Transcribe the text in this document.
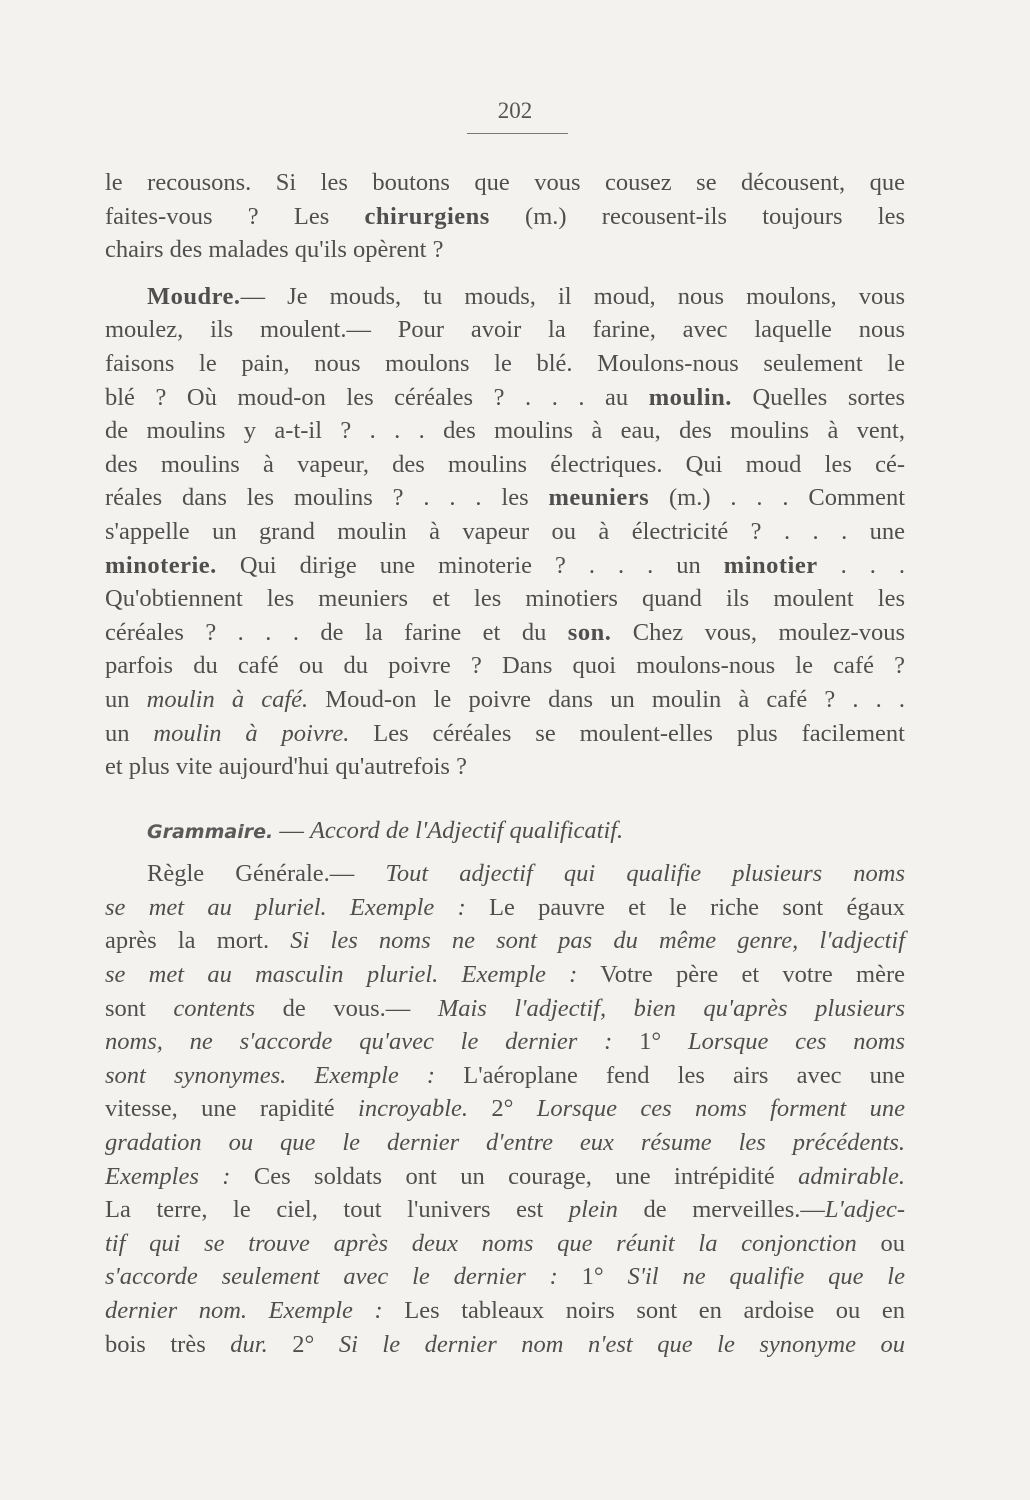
202
le recousons. Si les boutons que vous cousez se décousent, que
faites-vous ? Les chirurgiens (m.) recousent-ils toujours les
chairs des malades qu'ils opèrent ?
Moudre.— Je mouds, tu mouds, il moud, nous moulons, vous
moulez, ils moulent.— Pour avoir la farine, avec laquelle nous
faisons le pain, nous moulons le blé. Moulons-nous seulement le
blé ? Où moud-on les céréales ? . . . au moulin. Quelles sortes
de moulins y a-t-il ? . . . des moulins à eau, des moulins à vent,
des moulins à vapeur, des moulins électriques. Qui moud les cé-
réales dans les moulins ? . . . les meuniers (m.) . . . Comment
s'appelle un grand moulin à vapeur ou à électricité ? . . . une
minoterie. Qui dirige une minoterie ? . . . un minotier . . .
Qu'obtiennent les meuniers et les minotiers quand ils moulent les
céréales ? . . . de la farine et du son. Chez vous, moulez-vous
parfois du café ou du poivre ? Dans quoi moulons-nous le café ?
un moulin à café. Moud-on le poivre dans un moulin à café ? . . .
un moulin à poivre. Les céréales se moulent-elles plus facilement
et plus vite aujourd'hui qu'autrefois ?
Grammaire. — Accord de l'Adjectif qualificatif.
Règle Générale.— Tout adjectif qui qualifie plusieurs noms
se met au pluriel. Exemple : Le pauvre et le riche sont égaux
après la mort. Si les noms ne sont pas du même genre, l'adjectif
se met au masculin pluriel. Exemple : Votre père et votre mère
sont contents de vous.— Mais l'adjectif, bien qu'après plusieurs
noms, ne s'accorde qu'avec le dernier : 1° Lorsque ces noms
sont synonymes. Exemple : L'aéroplane fend les airs avec une
vitesse, une rapidité incroyable. 2° Lorsque ces noms forment une
gradation ou que le dernier d'entre eux résume les précédents.
Exemples : Ces soldats ont un courage, une intrépidité admirable.
La terre, le ciel, tout l'univers est plein de merveilles.—L'adjec-
tif qui se trouve après deux noms que réunit la conjonction ou
s'accorde seulement avec le dernier : 1° S'il ne qualifie que le
dernier nom. Exemple : Les tableaux noirs sont en ardoise ou en
bois très dur. 2° Si le dernier nom n'est que le synonyme ou
